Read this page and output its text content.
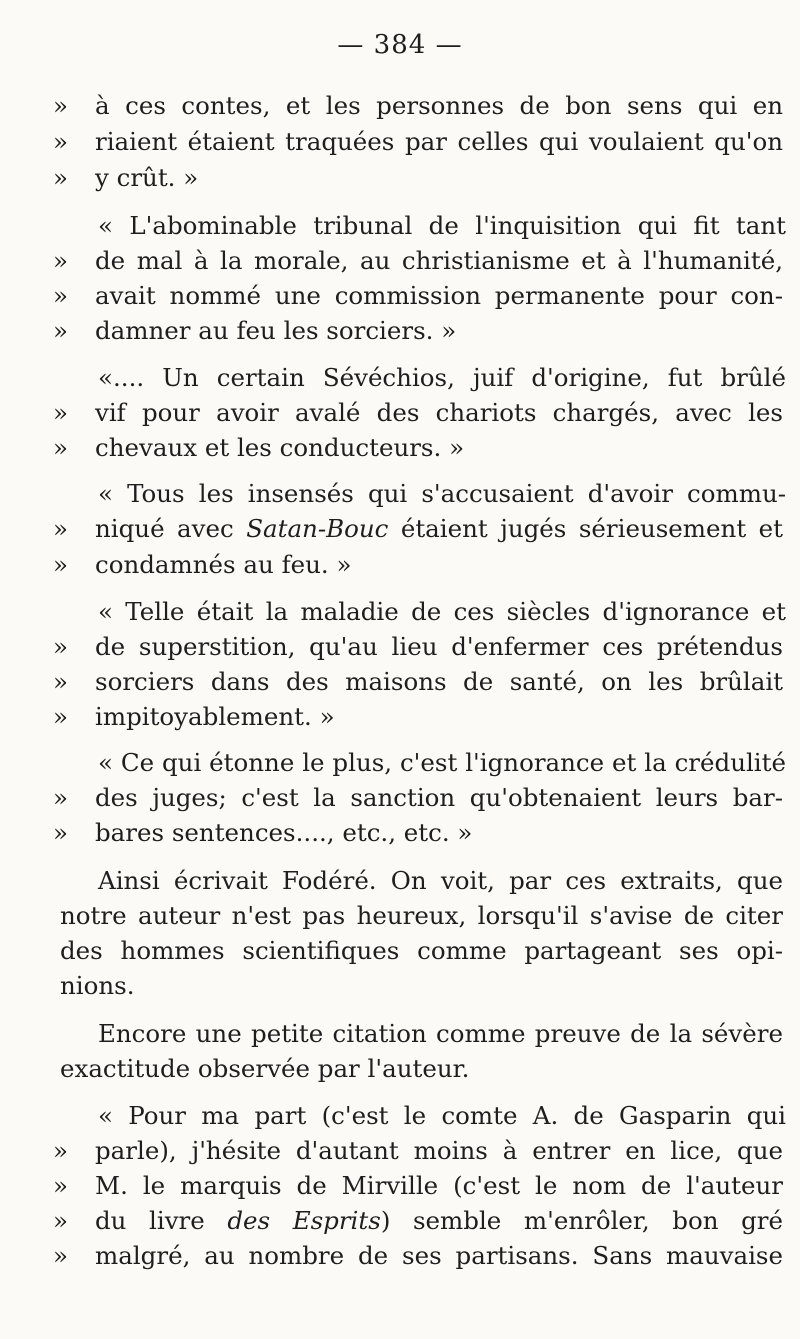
— 384 —
» à ces contes, et les personnes de bon sens qui en
» riaient étaient traquées par celles qui voulaient qu'on
» y crût. »
« L'abominable tribunal de l'inquisition qui fit tant
» de mal à la morale, au christianisme et à l'humanité,
» avait nommé une commission permanente pour con-
» damner au feu les sorciers. »
«.... Un certain Sévéchios, juif d'origine, fut brûlé
» vif pour avoir avalé des chariots chargés, avec les
» chevaux et les conducteurs. »
« Tous les insensés qui s'accusaient d'avoir commu-
» niqué avec Satan-Bouc étaient jugés sérieusement et
» condamnés au feu. »
« Telle était la maladie de ces siècles d'ignorance et
» de superstition, qu'au lieu d'enfermer ces prétendus
» sorciers dans des maisons de santé, on les brûlait
» impitoyablement. »
« Ce qui étonne le plus, c'est l'ignorance et la crédulité
» des juges; c'est la sanction qu'obtenaient leurs bar-
» bares sentences...., etc., etc. »
Ainsi écrivait Fodéré. On voit, par ces extraits, que
notre auteur n'est pas heureux, lorsqu'il s'avise de citer
des hommes scientifiques comme partageant ses opi-
nions.
Encore une petite citation comme preuve de la sévère
exactitude observée par l'auteur.
« Pour ma part (c'est le comte A. de Gasparin qui
» parle), j'hésite d'autant moins à entrer en lice, que
» M. le marquis de Mirville (c'est le nom de l'auteur
» du livre des Esprits) semble m'enrôler, bon gré
» malgré, au nombre de ses partisans. Sans mauvaise
